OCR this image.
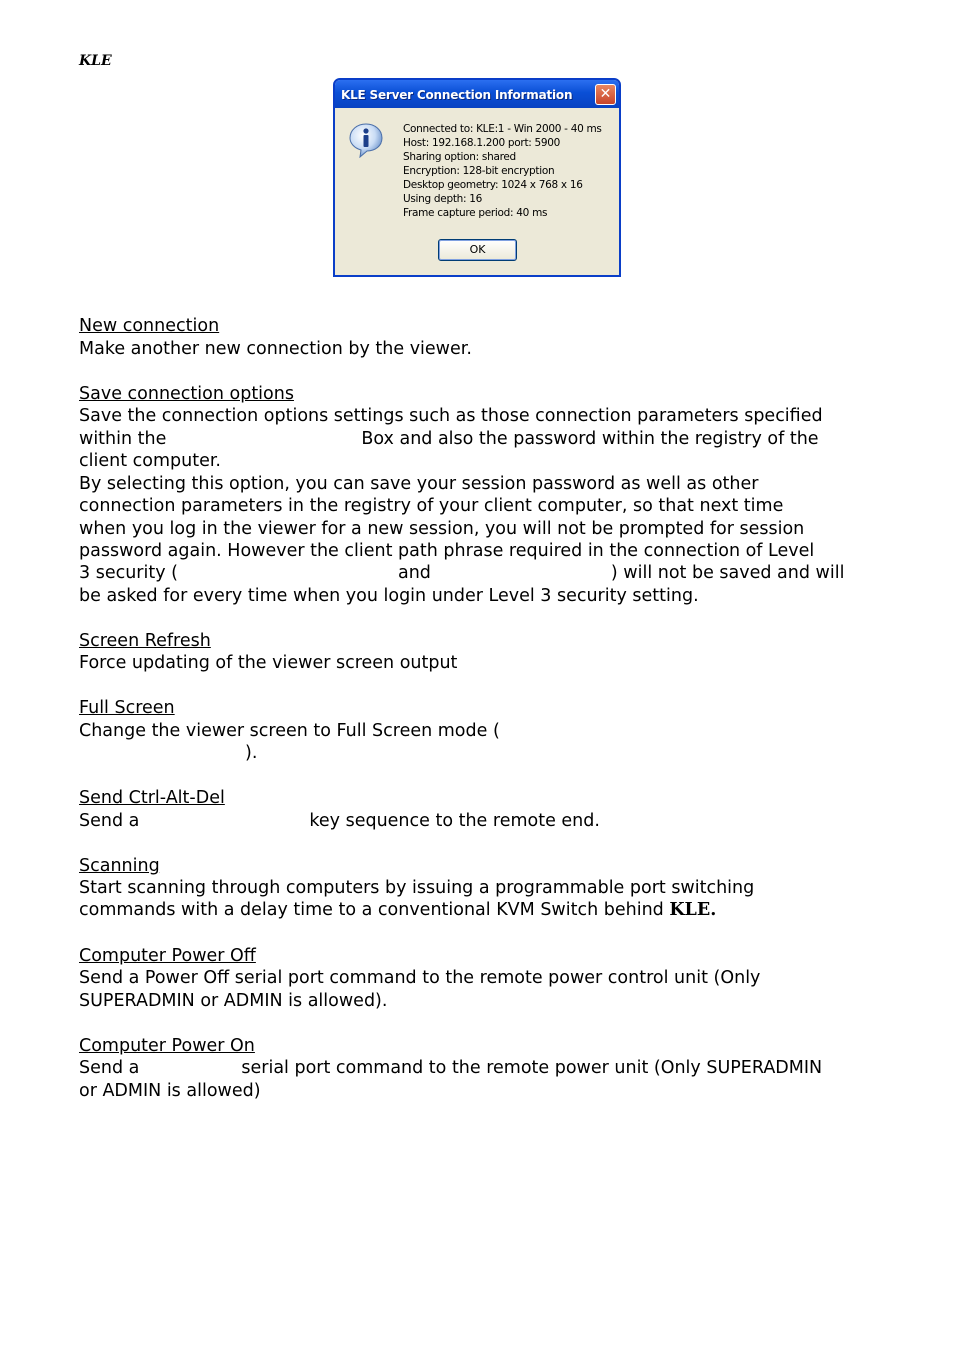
KLE
KLE Server Connection Information	✕
Connected to: KLE:1 - Win 2000 - 40 ms
Host: 192.168.1.200 port: 5900
Sharing option: shared
Encryption: 128-bit encryption
Desktop geometry: 1024 x 768 x 16
Using depth: 16
Frame capture period: 40 ms
OK
New connection
Make another new connection by the viewer.
Save connection options
Save the connection options settings such as those connection parameters specified
within the	Box and also the password within the registry of the
client computer.
By selecting this option, you can save your session password as well as other
connection parameters in the registry of your client computer, so that next time
when you log in the viewer for a new session, you will not be prompted for session
password again. However the client path phrase required in the connection of Level
3 security (	and	) will not be saved and will
be asked for every time when you login under Level 3 security setting.
Screen Refresh
Force updating of the viewer screen output
Full Screen
Change the viewer screen to Full Screen mode (
).
Send Ctrl-Alt-Del
Send a	key sequence to the remote end.
Scanning
Start scanning through computers by issuing a programmable port switching
commands with a delay time to a conventional KVM Switch behind KLE.
Computer Power Off
Send a Power Off serial port command to the remote power control unit (Only
SUPERADMIN or ADMIN is allowed).
Computer Power On
Send a	serial port command to the remote power unit (Only SUPERADMIN
or ADMIN is allowed)
